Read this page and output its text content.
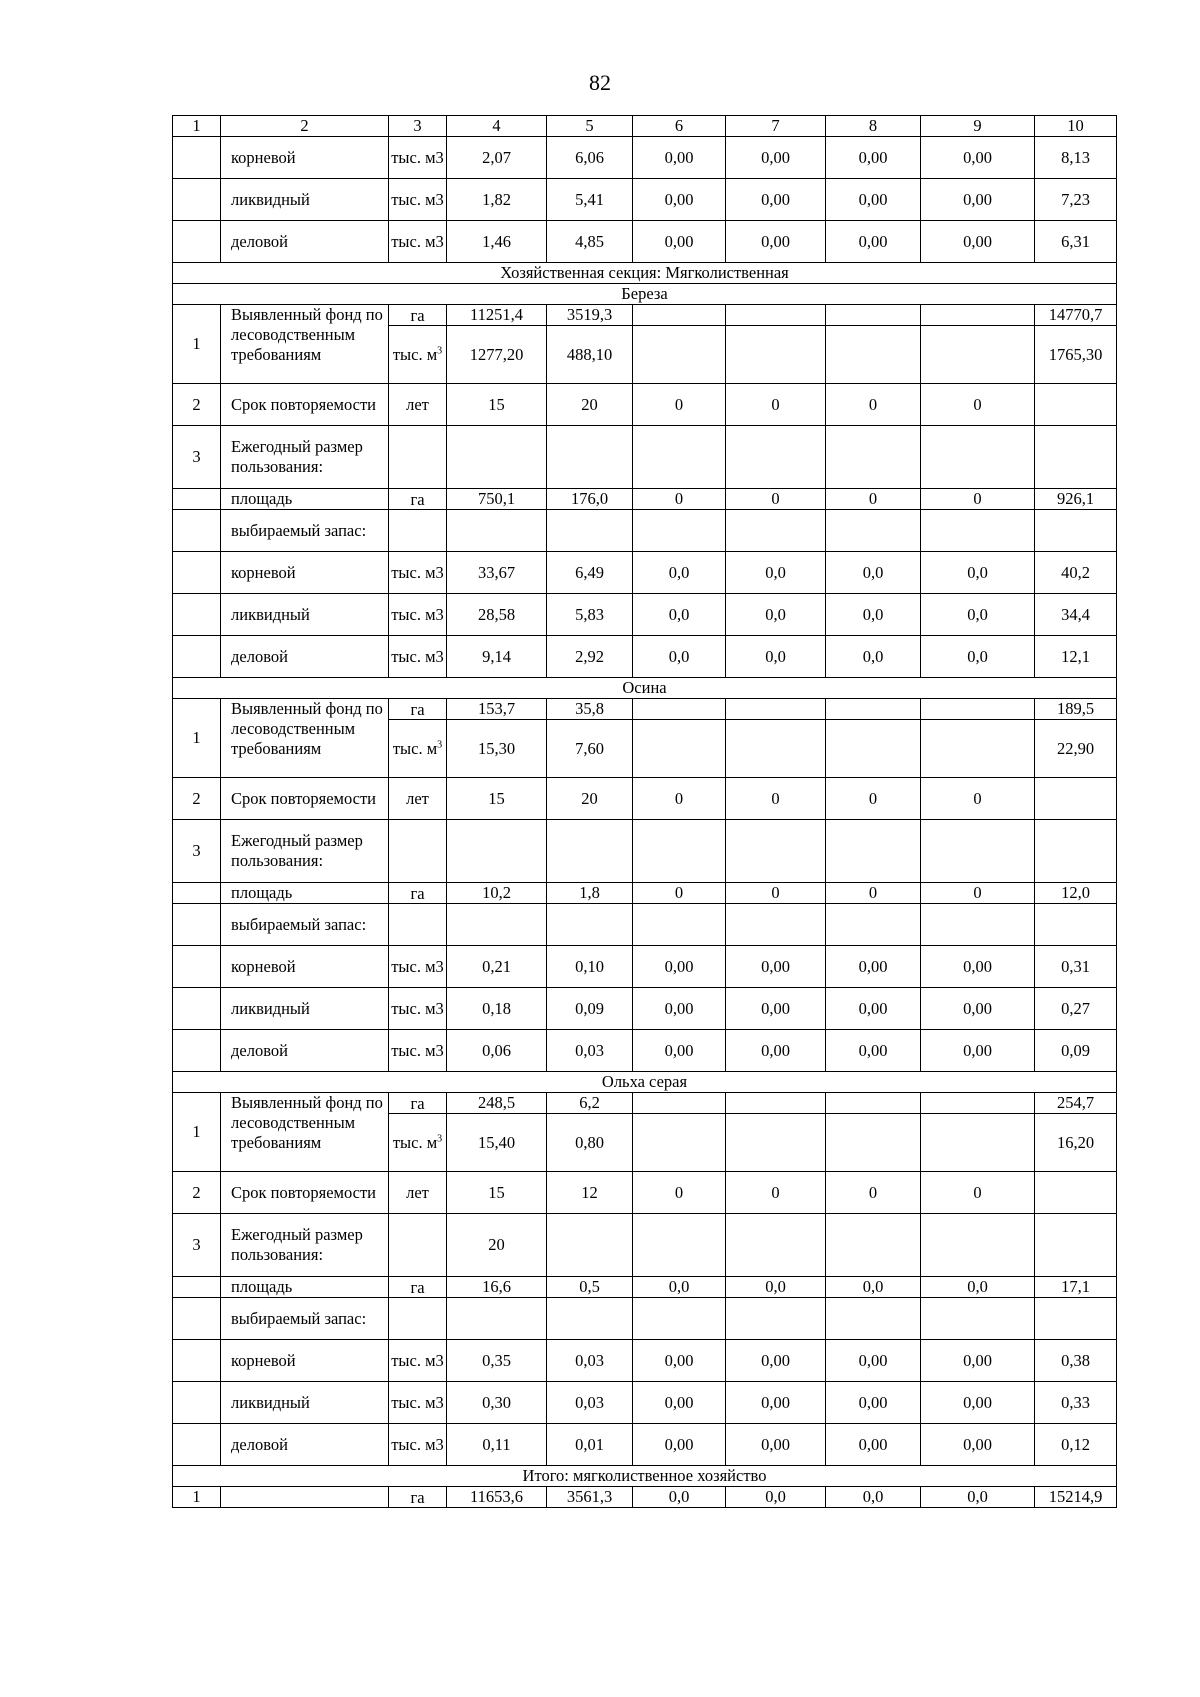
82
1	2	3	4	5	6	7	8	9	10
	корневой	тыс. м3	2,07	6,06	0,00	0,00	0,00	0,00	8,13
	ликвидный	тыс. м3	1,82	5,41	0,00	0,00	0,00	0,00	7,23
	деловой	тыс. м3	1,46	4,85	0,00	0,00	0,00	0,00	6,31
Хозяйственная секция: Мягколиственная									
Береза									
1	Выявленный фонд по лесоводственным требованиям	га	11251,4	3519,3					14770,7
		тыс. $м^3$	1277,20	488,10					1765,30
2	Срок повторяемости	лет	15	20	0	0	0	0	
3	Ежегодный размер пользования:								
	площадь	га	750,1	176,0	0	0	0	0	926,1
	выбираемый запас:								
	корневой	тыс. м3	33,67	6,49	0,0	0,0	0,0	0,0	40,2
	ликвидный	тыс. м3	28,58	5,83	0,0	0,0	0,0	0,0	34,4
	деловой	тыс. м3	9,14	2,92	0,0	0,0	0,0	0,0	12,1
Осина									
1	Выявленный фонд по лесоводственным требованиям	га	153,7	35,8					189,5
		тыс. $м^3$	15,30	7,60					22,90
2	Срок повторяемости	лет	15	20	0	0	0	0	
3	Ежегодный размер пользования:								
	площадь	га	10,2	1,8	0	0	0	0	12,0
	выбираемый запас:								
	корневой	тыс. м3	0,21	0,10	0,00	0,00	0,00	0,00	0,31
	ликвидный	тыс. м3	0,18	0,09	0,00	0,00	0,00	0,00	0,27
	деловой	тыс. м3	0,06	0,03	0,00	0,00	0,00	0,00	0,09
Ольха серая									
1	Выявленный фонд по лесоводственным требованиям	га	248,5	6,2					254,7
		тыс. $м^3$	15,40	0,80					16,20
2	Срок повторяемости	лет	15	12	0	0	0	0	
3	Ежегодный размер пользования:		20						
	площадь	га	16,6	0,5	0,0	0,0	0,0	0,0	17,1
	выбираемый запас:								
	корневой	тыс. м3	0,35	0,03	0,00	0,00	0,00	0,00	0,38
	ликвидный	тыс. м3	0,30	0,03	0,00	0,00	0,00	0,00	0,33
	деловой	тыс. м3	0,11	0,01	0,00	0,00	0,00	0,00	0,12
Итого: мягколиственное хозяйство									
1		га	11653,6	3561,3	0,0	0,0	0,0	0,0	15214,9
